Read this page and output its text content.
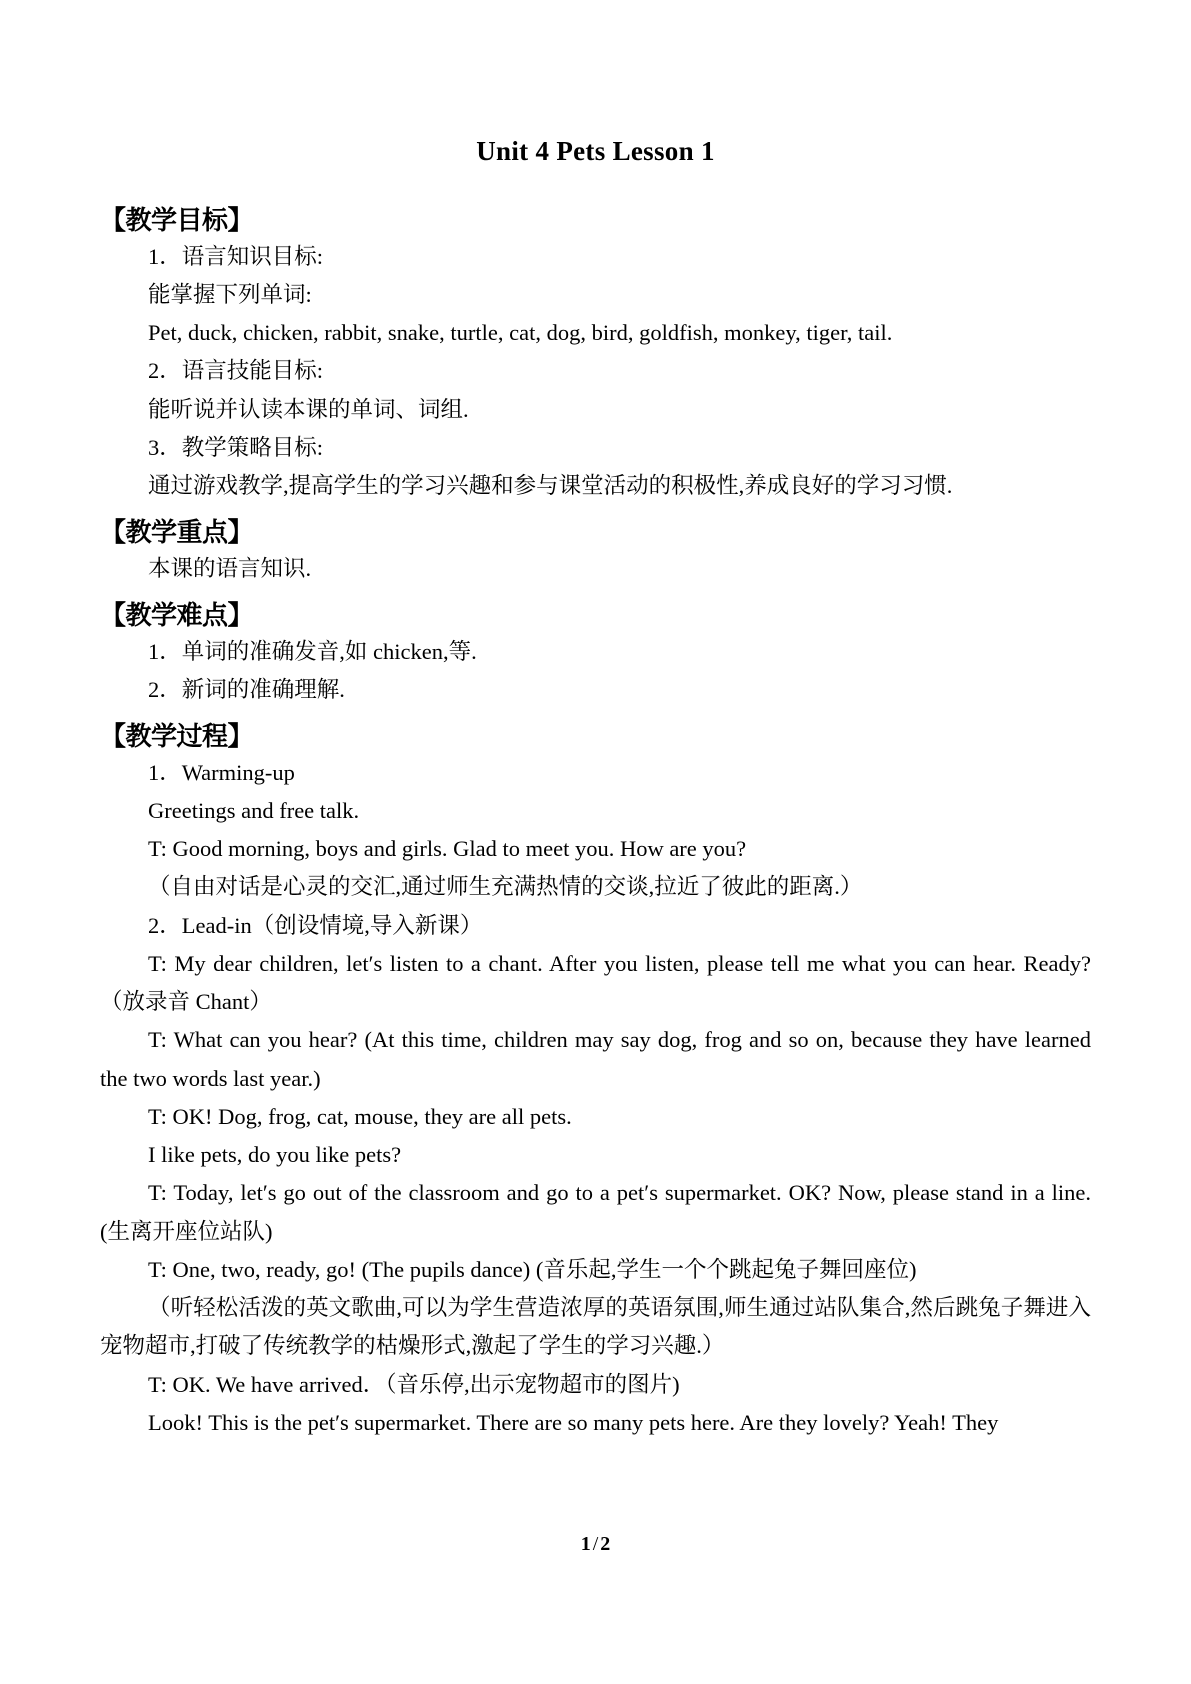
Unit 4 Pets Lesson 1
【教学目标】

1．语言知识目标:

能掌握下列单词:

Pet, duck, chicken, rabbit, snake, turtle, cat, dog, bird, goldfish, monkey, tiger, tail.

2．语言技能目标:

能听说并认读本课的单词、词组.

3．教学策略目标:

通过游戏教学,提高学生的学习兴趣和参与课堂活动的积极性,养成良好的学习习惯.

【教学重点】

本课的语言知识.

【教学难点】

1．单词的准确发音,如 chicken,等.

2．新词的准确理解.

【教学过程】

1．Warming-up

Greetings and free talk.

T: Good morning, boys and girls. Glad to meet you. How are you?

（自由对话是心灵的交汇,通过师生充满热情的交谈,拉近了彼此的距离.）

2．Lead-in（创设情境,导入新课）

T: My dear children, let′s listen to a chant. After you listen, please tell me what you can hear. Ready?（放录音 Chant）

T: What can you hear? (At this time, children may say dog, frog and so on, because they have learned the two words last year.)

T: OK! Dog, frog, cat, mouse, they are all pets.

I like pets, do you like pets?

T: Today, let′s go out of the classroom and go to a pet′s supermarket. OK? Now, please stand in a line. (生离开座位站队)

T: One, two, ready, go! (The pupils dance) (音乐起,学生一个个跳起兔子舞回座位)

（听轻松活泼的英文歌曲,可以为学生营造浓厚的英语氛围,师生通过站队集合,然后跳兔子舞进入宠物超市,打破了传统教学的枯燥形式,激起了学生的学习兴趣.）

T: OK. We have arrived．（音乐停,出示宠物超市的图片)

Look! This is the pet′s supermarket. There are so many pets here. Are they lovely? Yeah! They

1 / 2
